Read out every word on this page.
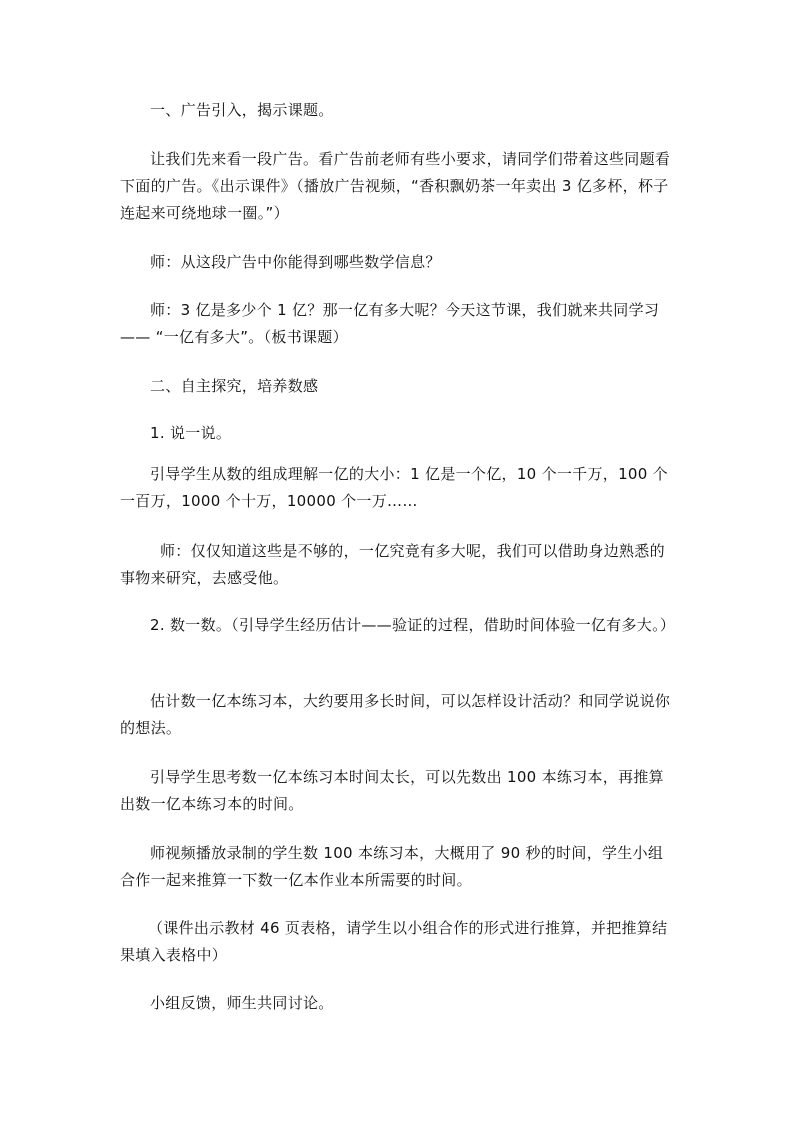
一、广告引入，揭示课题。

让我们先来看一段广告。看广告前老师有些小要求，请同学们带着这些同题看下面的广告。《出示课件》（播放广告视频，“香积飘奶茶一年卖出 3 亿多杯，杯子连起来可绕地球一圈。”）

师：从这段广告中你能得到哪些数学信息？

师：3 亿是多少个 1 亿？那一亿有多大呢？今天这节课，我们就来共同学习—— “一亿有多大”。（板书课题）

二、自主探究，培养数感

1. 说一说。

引导学生从数的组成理解一亿的大小：1 亿是一个亿，10 个一千万，100 个一百万，1000 个十万，10000 个一万……

师：仅仅知道这些是不够的，一亿究竟有多大呢，我们可以借助身边熟悉的事物来研究，去感受他。

2. 数一数。（引导学生经历估计——验证的过程，借助时间体验一亿有多大。）

估计数一亿本练习本，大约要用多长时间，可以怎样设计活动？和同学说说你的想法。

引导学生思考数一亿本练习本时间太长，可以先数出 100 本练习本，再推算出数一亿本练习本的时间。

师视频播放录制的学生数 100 本练习本，大概用了 90 秒的时间，学生小组合作一起来推算一下数一亿本作业本所需要的时间。

（课件出示教材 46 页表格，请学生以小组合作的形式进行推算，并把推算结果填入表格中）

小组反馈，师生共同讨论。
